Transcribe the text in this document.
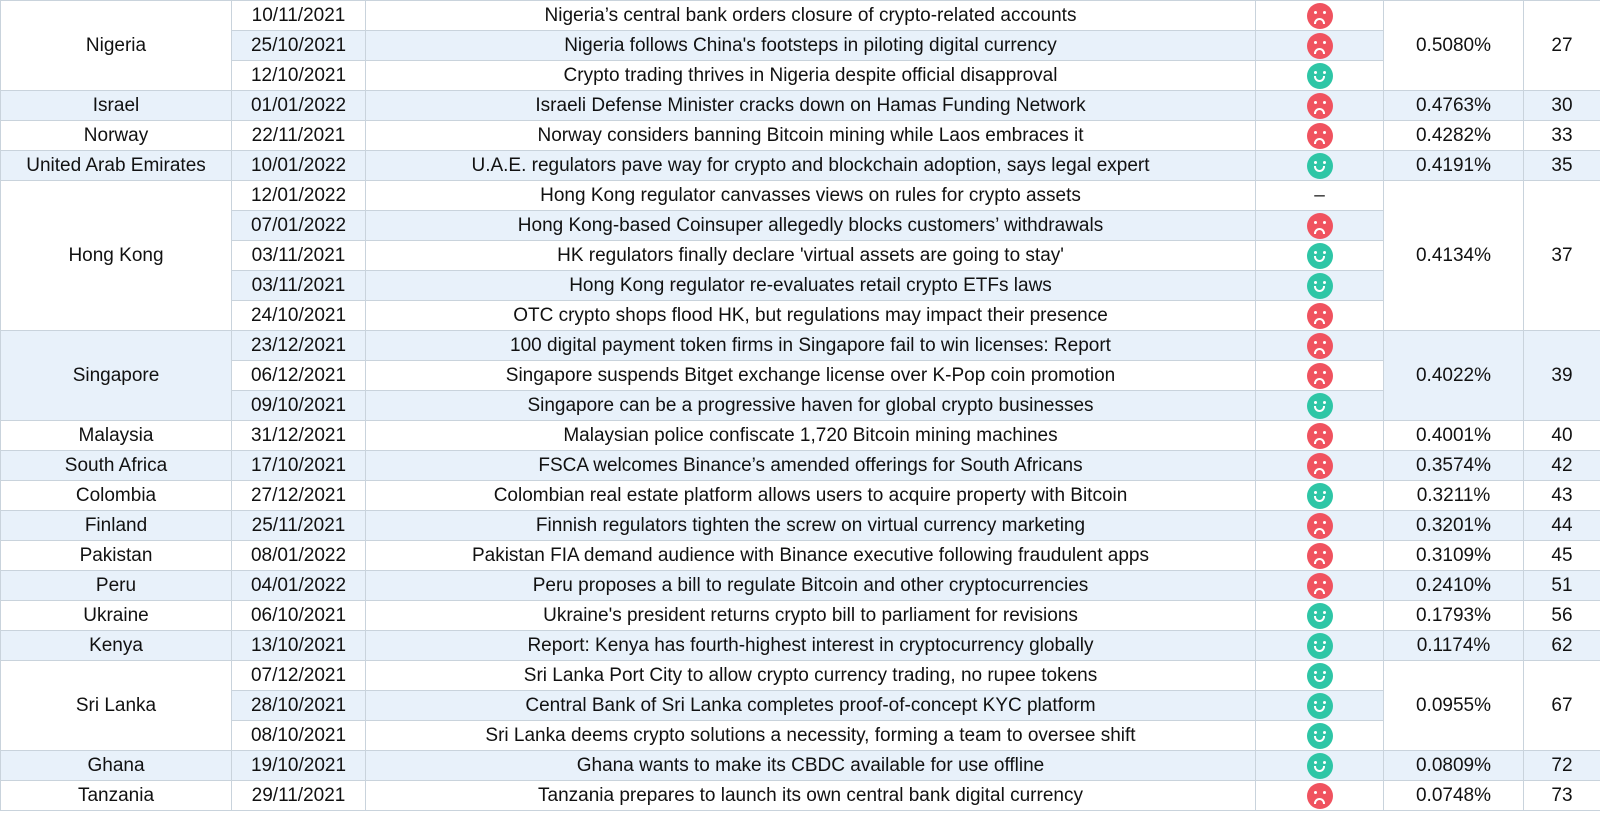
Nigeria	10/11/2021	Nigeria’s central bank orders closure of crypto-related accounts		0.5080%	27
	25/10/2021	Nigeria follows China's footsteps in piloting digital currency			
	12/10/2021	Crypto trading thrives in Nigeria despite official disapproval			
Israel	01/01/2022	Israeli Defense Minister cracks down on Hamas Funding Network		0.4763%	30
Norway	22/11/2021	Norway considers banning Bitcoin mining while Laos embraces it		0.4282%	33
United Arab Emirates	10/01/2022	U.A.E. regulators pave way for crypto and blockchain adoption, says legal expert		0.4191%	35
Hong Kong	12/01/2022	Hong Kong regulator canvasses views on rules for crypto assets	–	0.4134%	37
	07/01/2022	Hong Kong-based Coinsuper allegedly blocks customers’ withdrawals			
	03/11/2021	HK regulators finally declare 'virtual assets are going to stay'			
	03/11/2021	Hong Kong regulator re-evaluates retail crypto ETFs laws			
	24/10/2021	OTC crypto shops flood HK, but regulations may impact their presence			
Singapore	23/12/2021	100 digital payment token firms in Singapore fail to win licenses: Report		0.4022%	39
	06/12/2021	Singapore suspends Bitget exchange license over K-Pop coin promotion			
	09/10/2021	Singapore can be a progressive haven for global crypto businesses			
Malaysia	31/12/2021	Malaysian police confiscate 1,720 Bitcoin mining machines		0.4001%	40
South Africa	17/10/2021	FSCA welcomes Binance’s amended offerings for South Africans		0.3574%	42
Colombia	27/12/2021	Colombian real estate platform allows users to acquire property with Bitcoin		0.3211%	43
Finland	25/11/2021	Finnish regulators tighten the screw on virtual currency marketing		0.3201%	44
Pakistan	08/01/2022	Pakistan FIA demand audience with Binance executive following fraudulent apps		0.3109%	45
Peru	04/01/2022	Peru proposes a bill to regulate Bitcoin and other cryptocurrencies		0.2410%	51
Ukraine	06/10/2021	Ukraine's president returns crypto bill to parliament for revisions		0.1793%	56
Kenya	13/10/2021	Report: Kenya has fourth-highest interest in cryptocurrency globally		0.1174%	62
Sri Lanka	07/12/2021	Sri Lanka Port City to allow crypto currency trading, no rupee tokens		0.0955%	67
	28/10/2021	Central Bank of Sri Lanka completes proof-of-concept KYC platform			
	08/10/2021	Sri Lanka deems crypto solutions a necessity, forming a team to oversee shift			
Ghana	19/10/2021	Ghana wants to make its CBDC available for use offline		0.0809%	72
Tanzania	29/11/2021	Tanzania prepares to launch its own central bank digital currency		0.0748%	73
